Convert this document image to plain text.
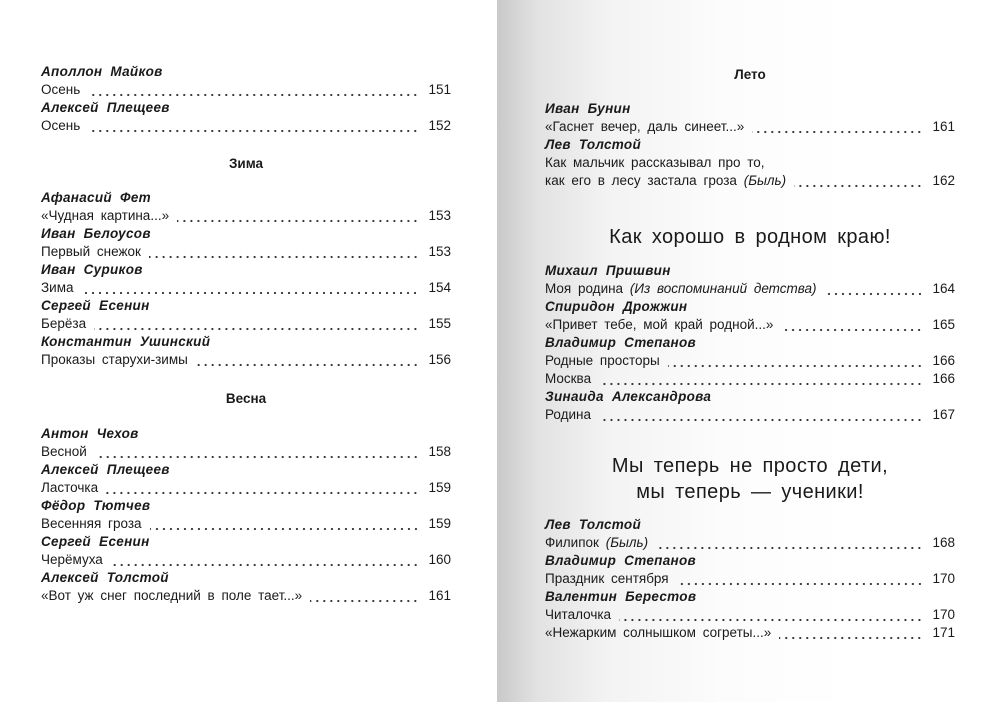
Аполлон Майков
Осень	151
Алексей Плещеев
Осень	152
Зима
Афанасий Фет
«Чудная картина...»	153
Иван Белоусов
Первый снежок	153
Иван Суриков
Зима	154
Сергей Есенин
Берёза	155
Константин Ушинский
Проказы старухи-зимы	156
Весна
Антон Чехов
Весной	158
Алексей Плещеев
Ласточка	159
Фёдор Тютчев
Весенняя гроза	159
Сергей Есенин
Черёмуха	160
Алексей Толстой
«Вот уж снег последний в поле тает...»	161
Лето
Иван Бунин
«Гаснет вечер, даль синеет...»	161
Лев Толстой
Как мальчик рассказывал про то,
как его в лесу застала гроза
(Быль)	162
Как хорошо в родном краю!
Михаил Пришвин
Моя родина
(Из воспоминаний детства)	164
Спиридон Дрожжин
«Привет тебе, мой край родной...»	165
Владимир Степанов
Родные просторы	166
Москва	166
Зинаида Александрова
Родина	167
Мы теперь не просто дети,
мы теперь — ученики!
Лев Толстой
Филипок
(Быль)	168
Владимир Степанов
Праздник сентября	170
Валентин Берестов
Читалочка	170
«Нежарким солнышком согреты...»	171
